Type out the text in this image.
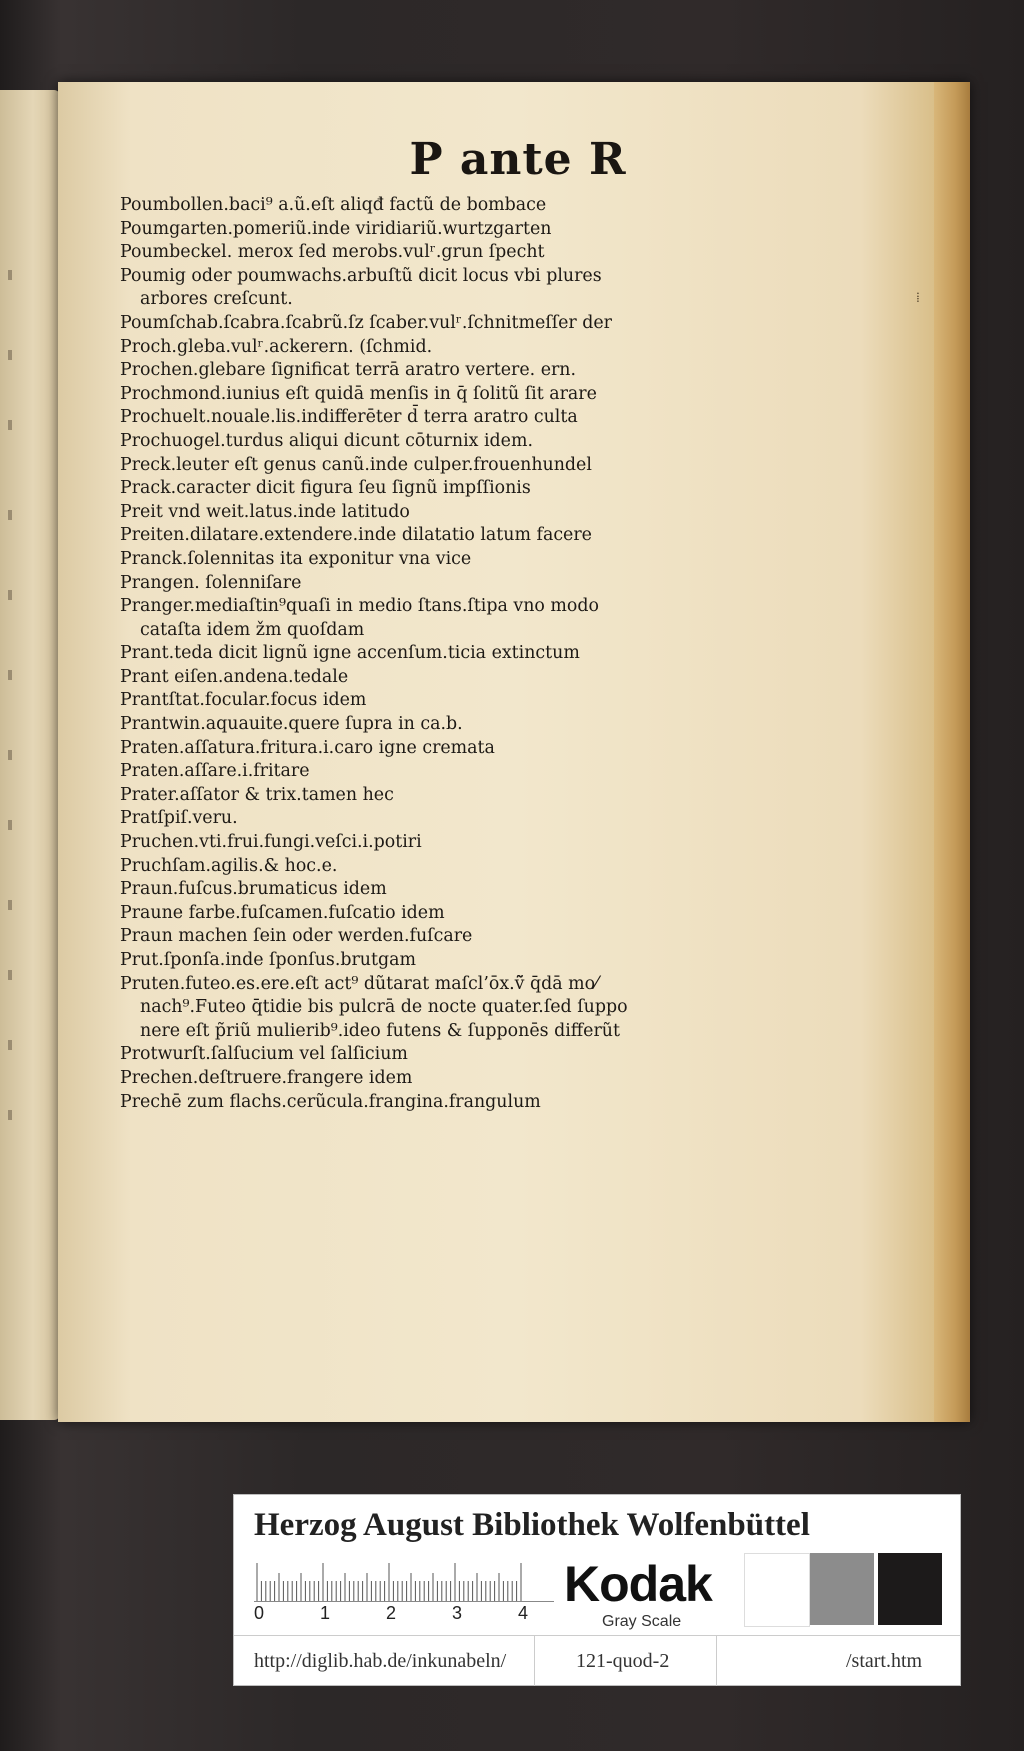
P ante R
Poumbollen.baci⁹ a.ũ.eſt aliqđ factũ de bombace
Poumgarten.pomeriũ.inde viridiariũ.wurtzgarten
Poumbeckel. merox ſed merobs.vulʳ.grun ſpecht
Poumig oder poumwachs.arbuſtũ dicit locus vbi plures
arbores creſcunt.
Poumſchab.ſcabra.ſcabrũ.ſz ſcaber.vulʳ.ſchnitmeſſer der
Proch.gleba.vulʳ.ackerern. (ſchmid.
Prochen.glebare ſignificat terrā aratro vertere. ern.
Prochmond.iunius eſt quidā menſis in q̄ ſolitũ ſit arare
Prochuelt.nouale.lis.indifferēter d̄ terra aratro culta
Prochuogel.turdus aliqui dicunt cōturnix idem.
Preck.leuter eſt genus canũ.inde culper.frouenhundel
Prack.caracter dicit figura ſeu ſignũ impſſionis
Preit vnd weit.latus.inde latitudo
Preiten.dilatare.extendere.inde dilatatio latum facere
Pranck.ſolennitas ita exponitur vna vice
Prangen. ſolenniſare
Pranger.mediaſtin⁹quaſi in medio ſtans.ſtipa vno modo
cataſta idem žm quoſdam
Prant.teda dicit lignũ igne accenſum.ticia extinctum
Prant eiſen.andena.tedale
Prantſtat.focular.focus idem
Prantwin.aquauite.quere ſupra in ca.b.
Praten.aſſatura.fritura.i.caro igne cremata
Praten.aſſare.i.fritare
Prater.aſſator & trix.tamen hec
Pratſpiſ.veru.
Pruchen.vti.frui.fungi.veſci.i.potiri
Pruchſam.agilis.& hoc.e.
Praun.fuſcus.brumaticus idem
Praune farbe.fuſcamen.fuſcatio idem
Praun machen ſein oder werden.fuſcare
Prut.ſponſa.inde ſponſus.brutgam
Pruten.futeo.es.ere.eſt act⁹ dũtarat maſcl’ōx.ṽ̃ q̄dā mo⁄
nach⁹.Futeo q̄tidie bis pulcrā de nocte quater.ſed ſuppo
nere eſt p̃riũ mulierib⁹.ideo futens & ſupponēs differũt
Protwurſt.ſalſucium vel ſalſicium
Prechen.deſtruere.frangere idem
Prechē zum flachs.cerũcula.frangina.frangulum
⁞
Herzog August Bibliothek Wolfenbüttel
0	1	2	3	4
Kodak
Gray Scale
http://diglib.hab.de/inkunabeln/	121-quod-2	/start.htm
